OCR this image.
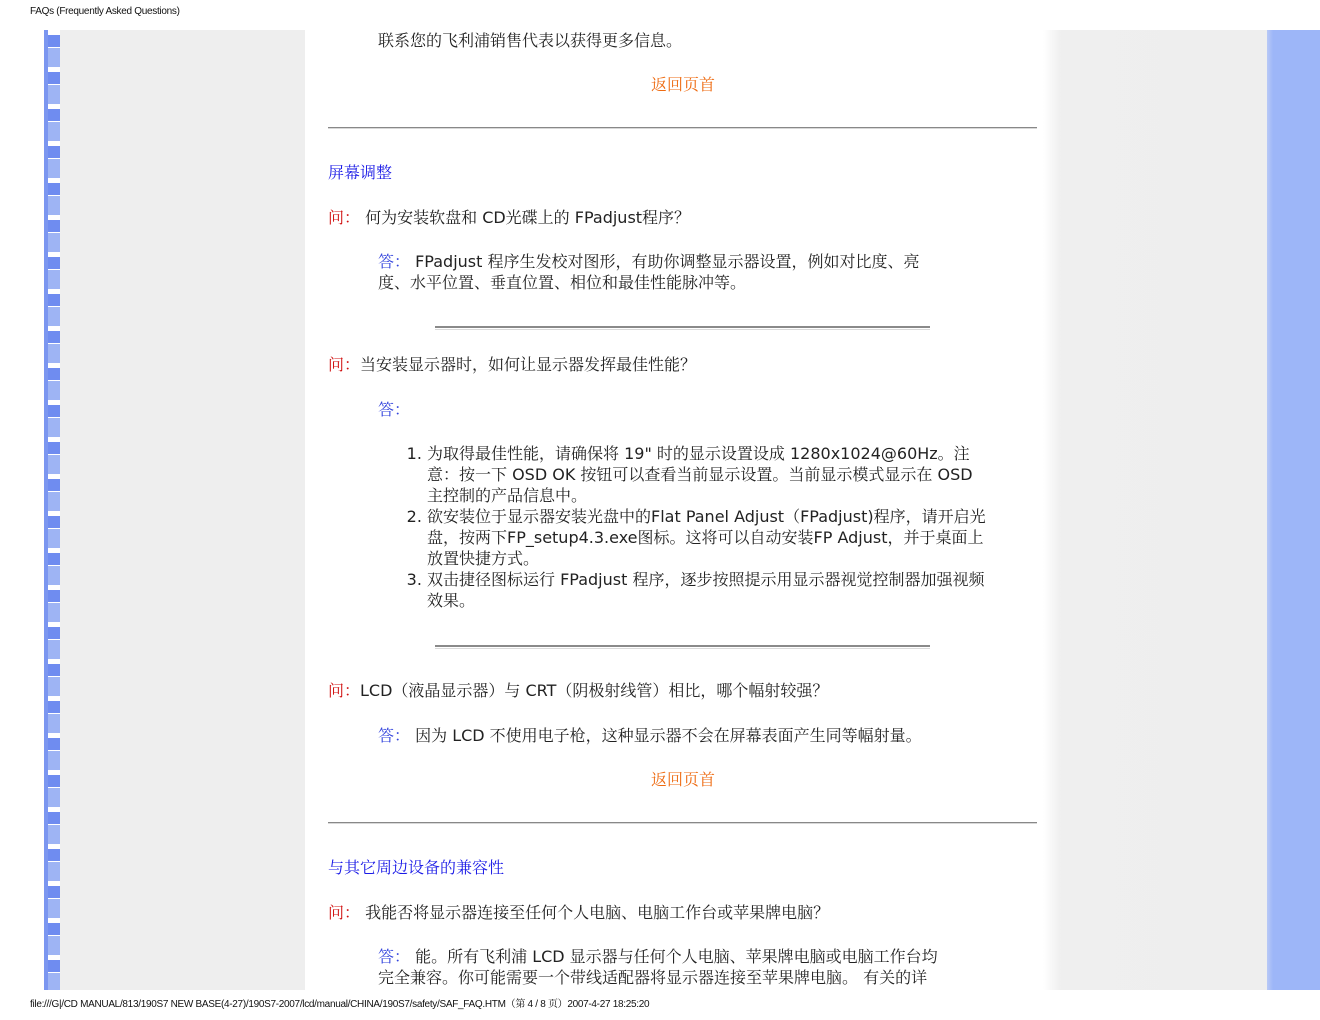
FAQs (Frequently Asked Questions)
联系您的飞利浦销售代表以获得更多信息。
返回页首
屏幕调整
问： 何为安装软盘和 CD光碟上的 FPadjust程序？
答： FPadjust 程序生发校对图形，有助你调整显示器设置，例如对比度、亮
度、水平位置、垂直位置、相位和最佳性能脉冲等。
问：当安装显示器时，如何让显示器发挥最佳性能？
答：
1. 为取得最佳性能，请确保将 19" 时的显示设置设成 1280x1024@60Hz。注意：按一下 OSD OK 按钮可以查看当前显示设置。当前显示模式显示在 OSD 主控制的产品信息中。
2. 欲安装位于显示器安装光盘中的Flat Panel Adjust（FPadjust)程序，请开启光盘，按两下FP_setup4.3.exe图标。这将可以自动安装FP Adjust，并于桌面上放置快捷方式。
3. 双击捷径图标运行 FPadjust 程序，逐步按照提示用显示器视觉控制器加强视频效果。
问：LCD（液晶显示器）与 CRT（阴极射线管）相比，哪个幅射较强？
答： 因为 LCD 不使用电子枪，这种显示器不会在屏幕表面产生同等幅射量。
返回页首
与其它周边设备的兼容性
问： 我能否将显示器连接至任何个人电脑、电脑工作台或苹果牌电脑？
答： 能。所有飞利浦 LCD 显示器与任何个人电脑、苹果牌电脑或电脑工作台均
完全兼容。你可能需要一个带线适配器将显示器连接至苹果牌电脑。 有关的详
file:///G|/CD MANUAL/813/190S7 NEW BASE(4-27)/190S7-2007/lcd/manual/CHINA/190S7/safety/SAF_FAQ.HTM（第 4 / 8 页）2007-4-27 18:25:20
